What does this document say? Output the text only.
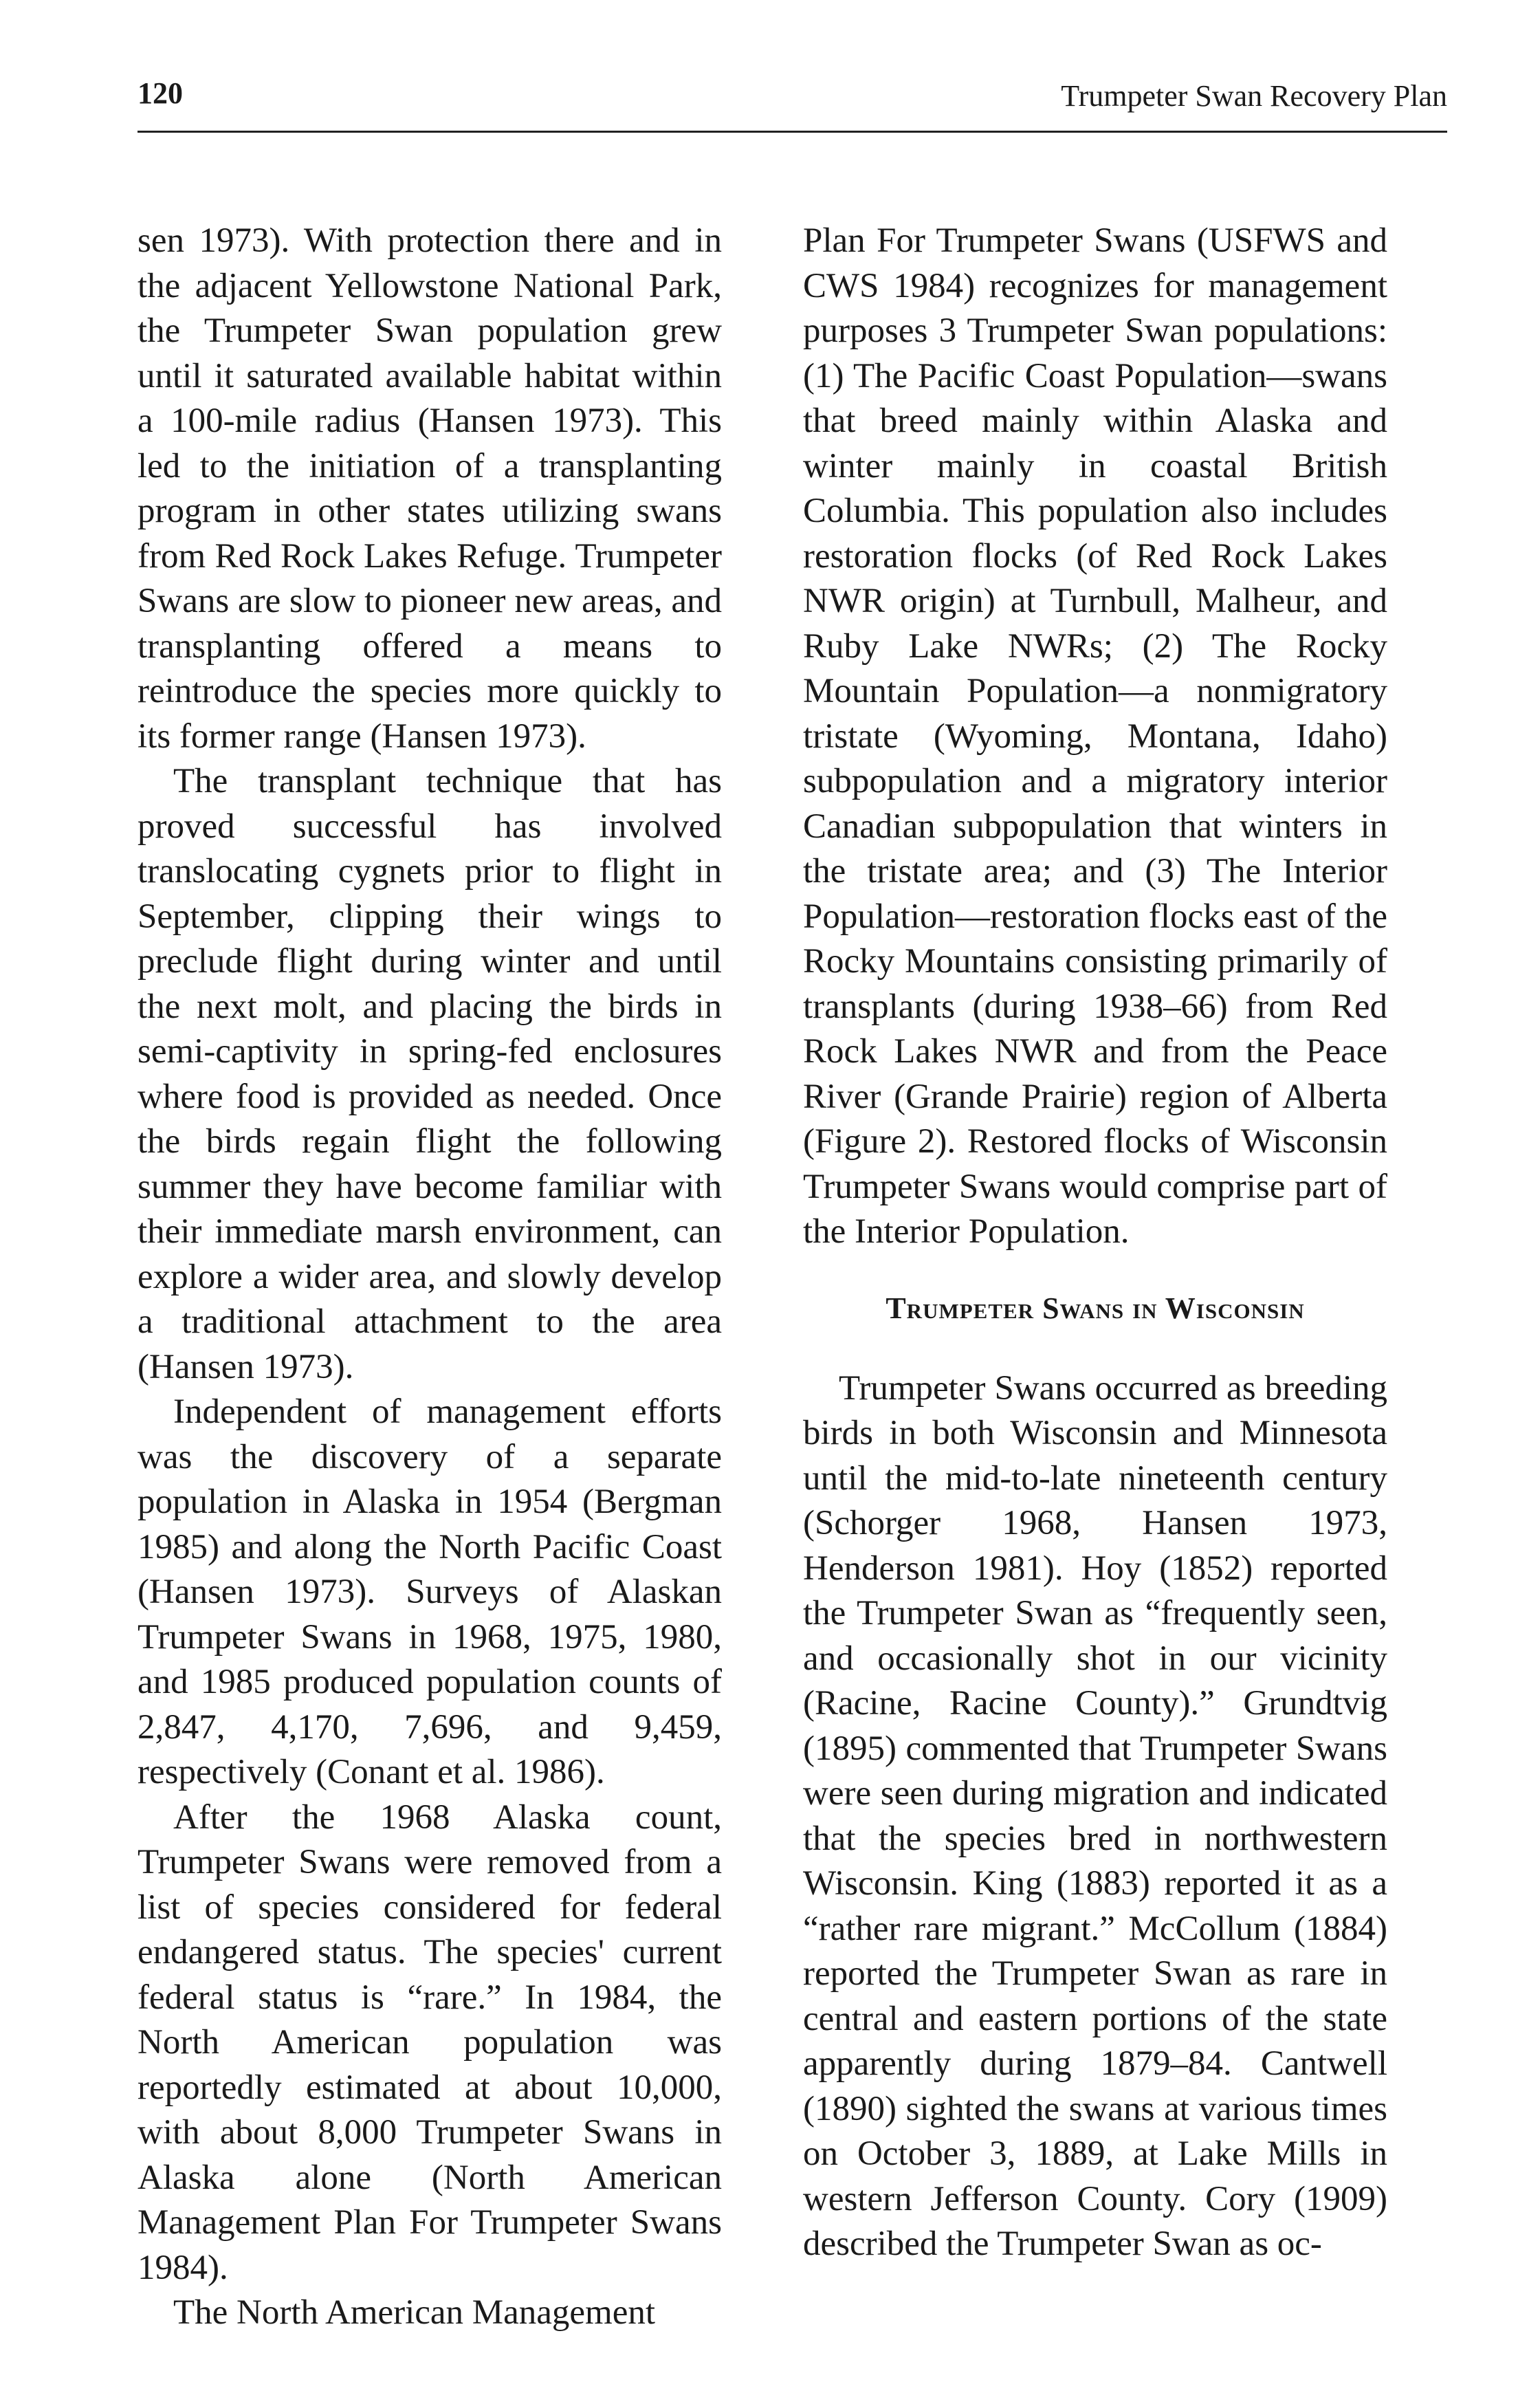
120	Trumpeter Swan Recovery Plan

sen 1973). With protection there and in the adjacent Yellowstone National Park, the Trumpeter Swan population grew until it saturated available habitat within a 100-mile radius (Hansen 1973). This led to the initiation of a transplanting program in other states utilizing swans from Red Rock Lakes Refuge. Trumpeter Swans are slow to pioneer new areas, and transplanting offered a means to reintroduce the species more quickly to its former range (Hansen 1973).

The transplant technique that has proved successful has involved translocating cygnets prior to flight in September, clipping their wings to preclude flight during winter and until the next molt, and placing the birds in semi-captivity in spring-fed enclosures where food is provided as needed. Once the birds regain flight the following summer they have become familiar with their immediate marsh environment, can explore a wider area, and slowly develop a traditional attachment to the area (Hansen 1973).

Independent of management efforts was the discovery of a separate population in Alaska in 1954 (Bergman 1985) and along the North Pacific Coast (Hansen 1973). Surveys of Alaskan Trumpeter Swans in 1968, 1975, 1980, and 1985 produced population counts of 2,847, 4,170, 7,696, and 9,459, respectively (Conant et al. 1986).

After the 1968 Alaska count, Trumpeter Swans were removed from a list of species considered for federal endangered status. The species' current federal status is “rare.” In 1984, the North American population was reportedly estimated at about 10,000, with about 8,000 Trumpeter Swans in Alaska alone (North American Management Plan For Trumpeter Swans 1984).

The North American Management

Plan For Trumpeter Swans (USFWS and CWS 1984) recognizes for management purposes 3 Trumpeter Swan populations: (1) The Pacific Coast Population—swans that breed mainly within Alaska and winter mainly in coastal British Columbia. This population also includes restoration flocks (of Red Rock Lakes NWR origin) at Turnbull, Malheur, and Ruby Lake NWRs; (2) The Rocky Mountain Population—a nonmigratory tristate (Wyoming, Montana, Idaho) subpopulation and a migratory interior Canadian subpopulation that winters in the tristate area; and (3) The Interior Population—restoration flocks east of the Rocky Mountains consisting primarily of transplants (during 1938–66) from Red Rock Lakes NWR and from the Peace River (Grande Prairie) region of Alberta (Figure 2). Restored flocks of Wisconsin Trumpeter Swans would comprise part of the Interior Population.

Trumpeter Swans in Wisconsin

Trumpeter Swans occurred as breeding birds in both Wisconsin and Minnesota until the mid-to-late nineteenth century (Schorger 1968, Hansen 1973, Henderson 1981). Hoy (1852) reported the Trumpeter Swan as “frequently seen, and occasionally shot in our vicinity (Racine, Racine County).” Grundtvig (1895) commented that Trumpeter Swans were seen during migration and indicated that the species bred in northwestern Wisconsin. King (1883) reported it as a “rather rare migrant.” McCollum (1884) reported the Trumpeter Swan as rare in central and eastern portions of the state apparently during 1879–84. Cantwell (1890) sighted the swans at various times on October 3, 1889, at Lake Mills in western Jefferson County. Cory (1909) described the Trumpeter Swan as oc-
